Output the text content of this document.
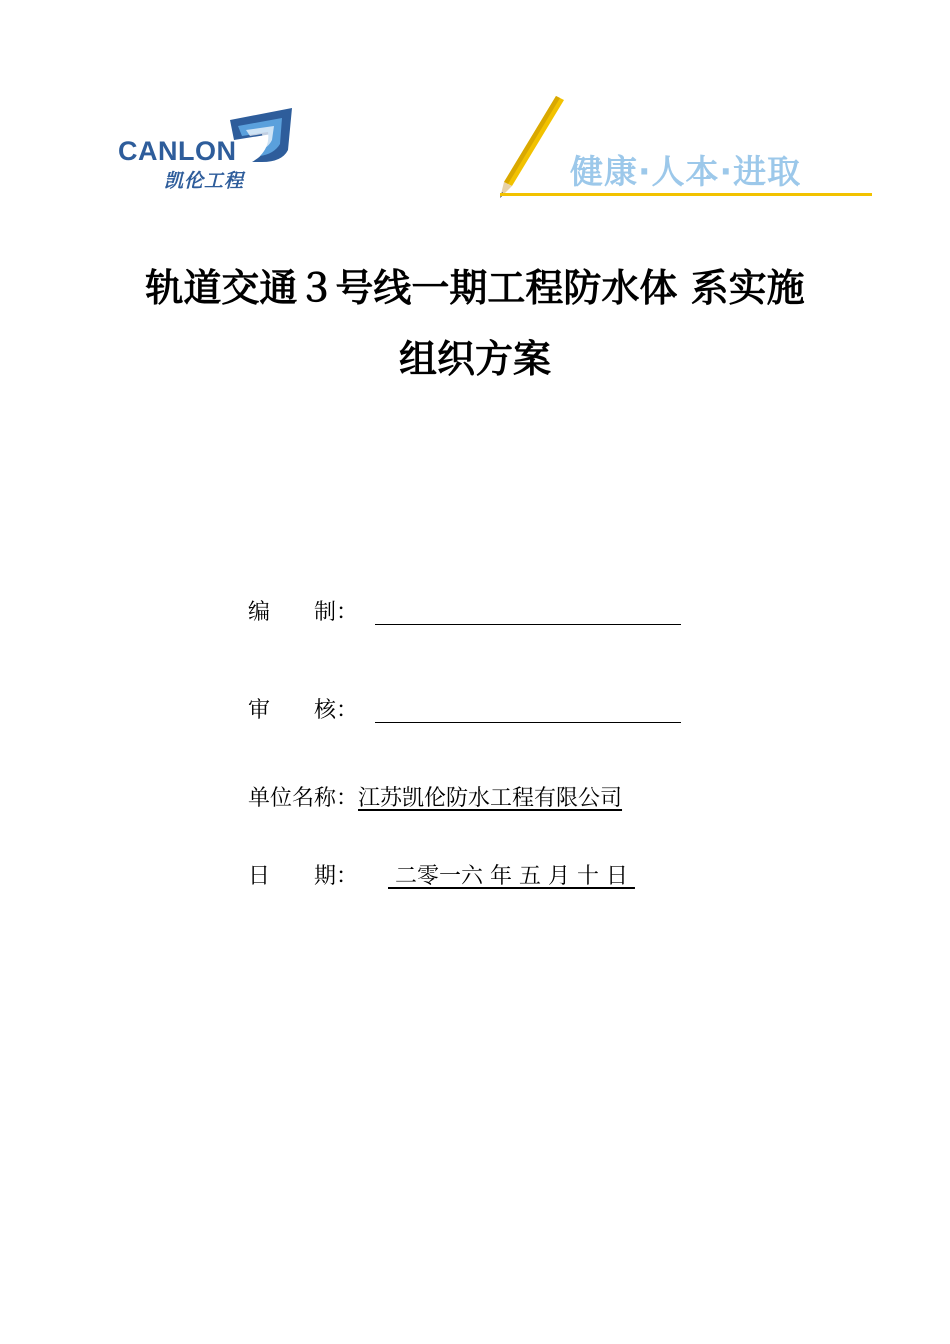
CANLON
凯伦工程	健康·人本·进取
轨道交通３号线一期工程防水体 系实施
组织方案
编　　制：
审　　核：
单位名称：江苏凯伦防水工程有限公司
日　　期： 二零一六 年 五 月 十 日
